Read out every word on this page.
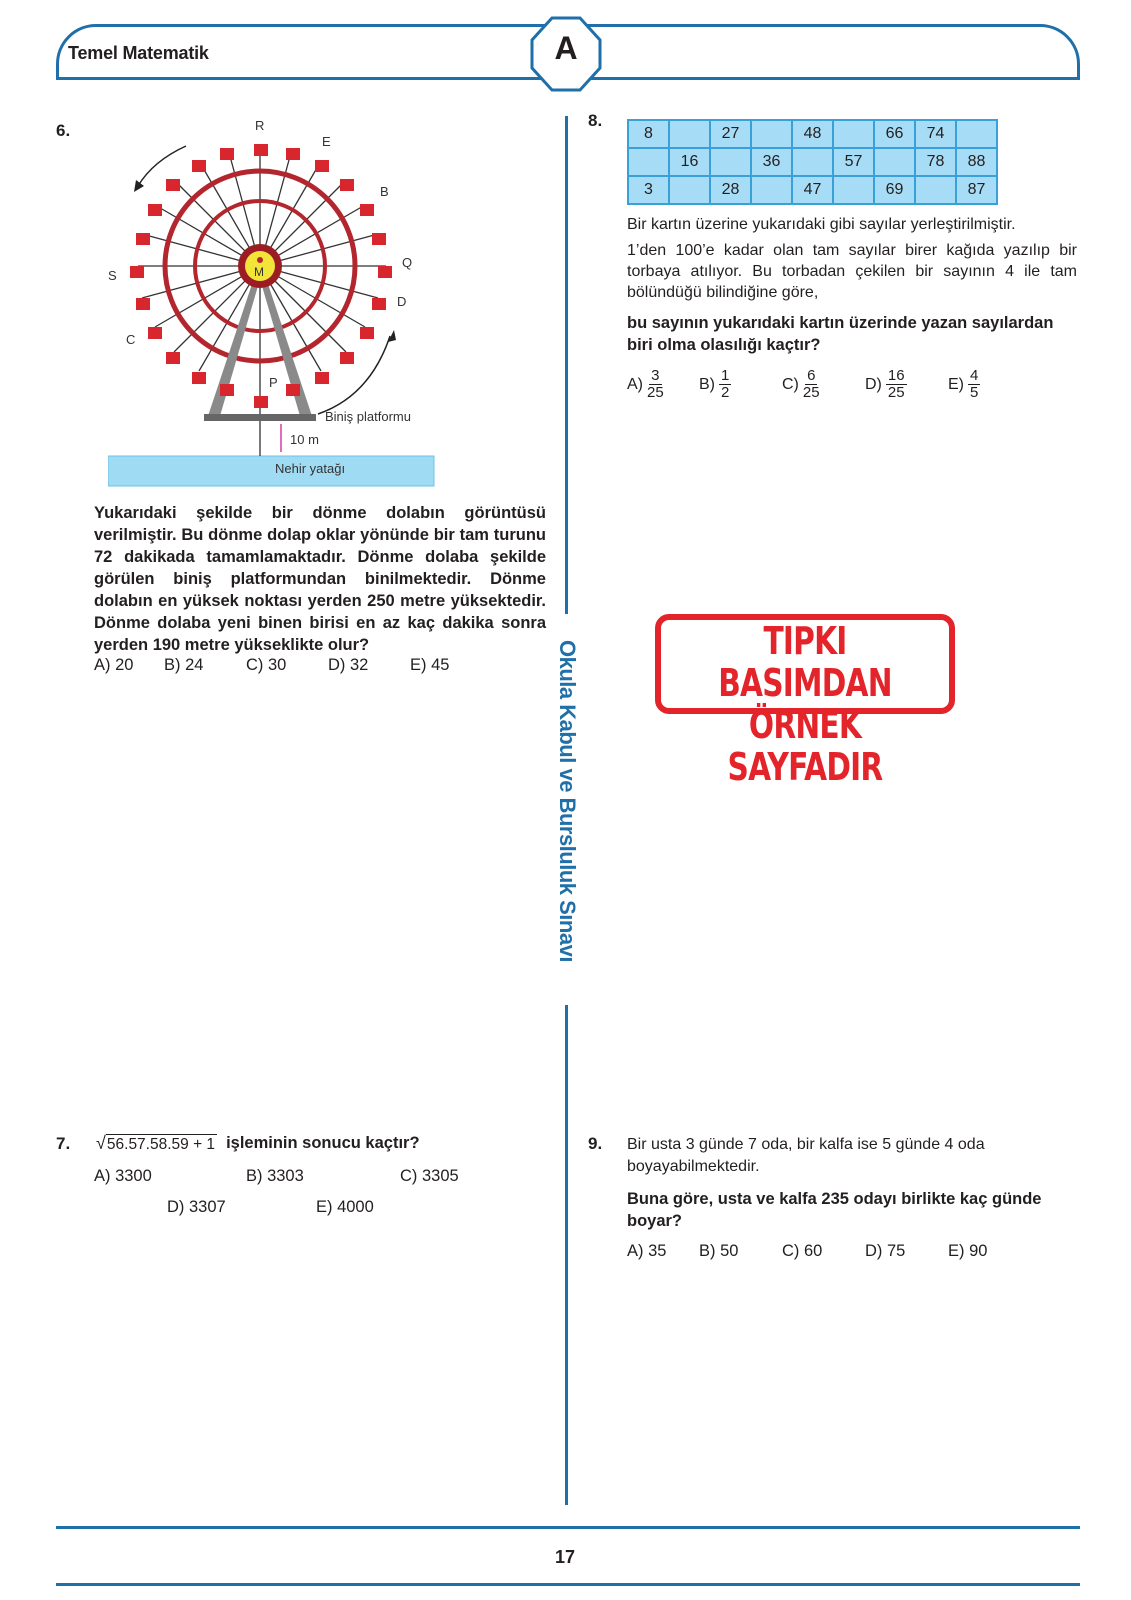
Temel Matematik	A
Okula Kabul ve Bursluluk Sınavı
6.
M
R
E
B
Q
D
S
C
P
Biniş platformu
10 m
Nehir yatağı
Yukarıdaki şekilde bir dönme dolabın görüntüsü verilmiştir. Bu dönme dolap oklar yönünde bir tam turunu 72 dakikada tamamlamaktadır. Dönme dolaba şekilde görülen biniş platformundan binilmektedir. Dönme dolabın en yüksek noktası yerden 250 metre yüksektedir. Dönme dolaba yeni binen birisi en az kaç dakika sonra yerden 190 metre yükseklikte olur?
A) 20	B) 24	C) 30	D) 32	E) 45
7. √ 56.57.58.59 + 1 işleminin sonucu kaçtır?
A) 3300	B) 3303	C) 3305
D) 3307	E) 4000
8.
8		27		48		66	74	
	16		36		57		78	88
3		28		47		69		87
Bir kartın üzerine yukarıdaki gibi sayılar yerleştirilmiştir.
1’den 100’e kadar olan tam sayılar birer kağıda yazılıp bir torbaya atılıyor. Bu torbadan çekilen bir sayının 4 ile tam bölündüğü bilindiğine göre,
bu sayının yukarıdaki kartın üzerinde yazan sayılardan biri olma olasılığı kaçtır?
$A) \frac{3}{25} B) \frac{1}{2}$	$C) \frac{6}{25}$	$D) \frac{16}{25}$	$E) \frac{4}{5}$
TIPKI BASIMDAN
ÖRNEK SAYFADIR
9. Bir usta 3 günde 7 oda, bir kalfa ise 5 günde 4 oda boyayabilmektedir.
Buna göre, usta ve kalfa 235 odayı birlikte kaç günde boyar?
A) 35	B) 50	C) 60	D) 75	E) 90
17
